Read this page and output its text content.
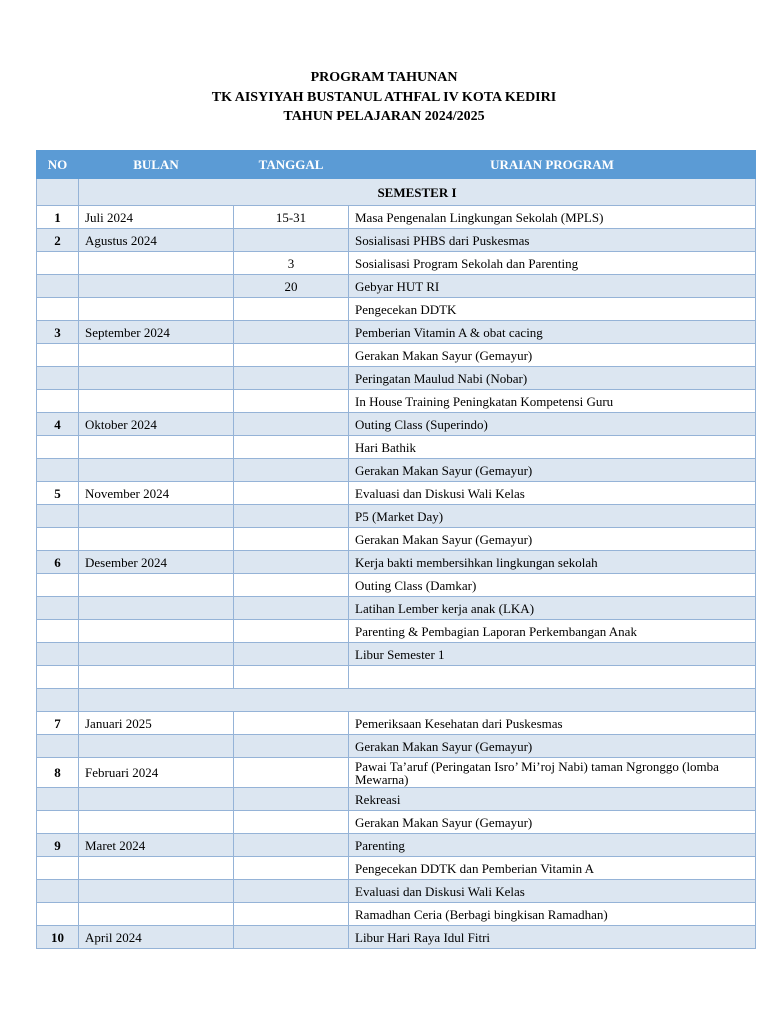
PROGRAM TAHUNAN

TK AISYIYAH BUSTANUL ATHFAL IV KOTA KEDIRI

TAHUN PELAJARAN 2024/2025

NO	BULAN	TANGGAL	URAIAN PROGRAM
	SEMESTER I		
1	Juli 2024	15-31	Masa Pengenalan Lingkungan Sekolah (MPLS)
2	Agustus 2024		Sosialisasi PHBS dari Puskesmas
		3	Sosialisasi Program Sekolah dan Parenting
		20	Gebyar HUT RI
			Pengecekan DDTK
3	September 2024		Pemberian Vitamin A & obat cacing
			Gerakan Makan Sayur (Gemayur)
			Peringatan Maulud Nabi (Nobar)
			In House Training Peningkatan Kompetensi Guru
4	Oktober 2024		Outing Class (Superindo)
			Hari Bathik
			Gerakan Makan Sayur (Gemayur)
5	November 2024		Evaluasi dan Diskusi Wali Kelas
			P5 (Market Day)
			Gerakan Makan Sayur (Gemayur)
6	Desember 2024		Kerja bakti membersihkan lingkungan sekolah
			Outing Class (Damkar)
			Latihan Lember kerja anak (LKA)
			Parenting & Pembagian Laporan Perkembangan Anak
			Libur Semester 1

7	Januari 2025		Pemeriksaan Kesehatan dari Puskesmas
			Gerakan Makan Sayur (Gemayur)
8	Februari 2024		Pawai Ta’aruf (Peringatan Isro’ Mi’roj Nabi) taman Ngronggo (lomba Mewarna)
			Rekreasi
			Gerakan Makan Sayur (Gemayur)
9	Maret 2024		Parenting
			Pengecekan DDTK dan Pemberian Vitamin A
			Evaluasi dan Diskusi Wali Kelas
			Ramadhan Ceria (Berbagi bingkisan Ramadhan)
10	April 2024		Libur Hari Raya Idul Fitri
